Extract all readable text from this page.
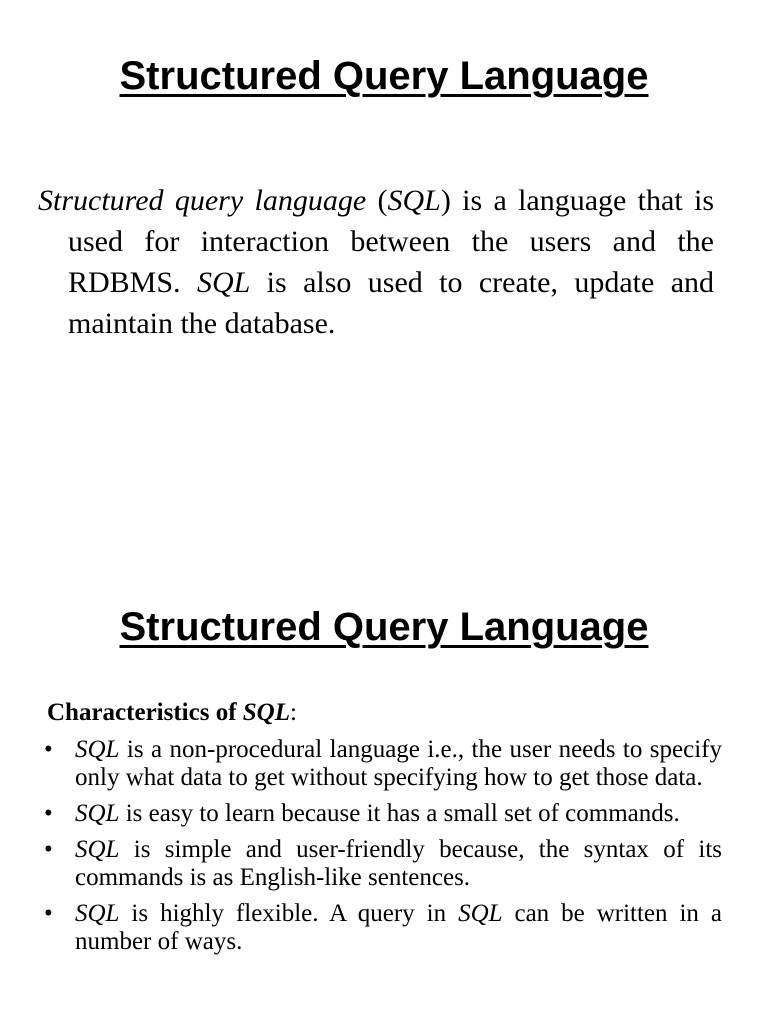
Structured Query Language

Structured query language (SQL) is a language that is used for interaction between the users and the RDBMS. SQL is also used to create, update and maintain the database.

Structured Query Language

Characteristics of SQL:

• SQL is a non-procedural language i.e., the user needs to specify only what data to get without specifying how to get those data.
• SQL is easy to learn because it has a small set of commands.
• SQL is simple and user-friendly because, the syntax of its commands is as English-like sentences.
• SQL is highly flexible. A query in SQL can be written in a number of ways.
